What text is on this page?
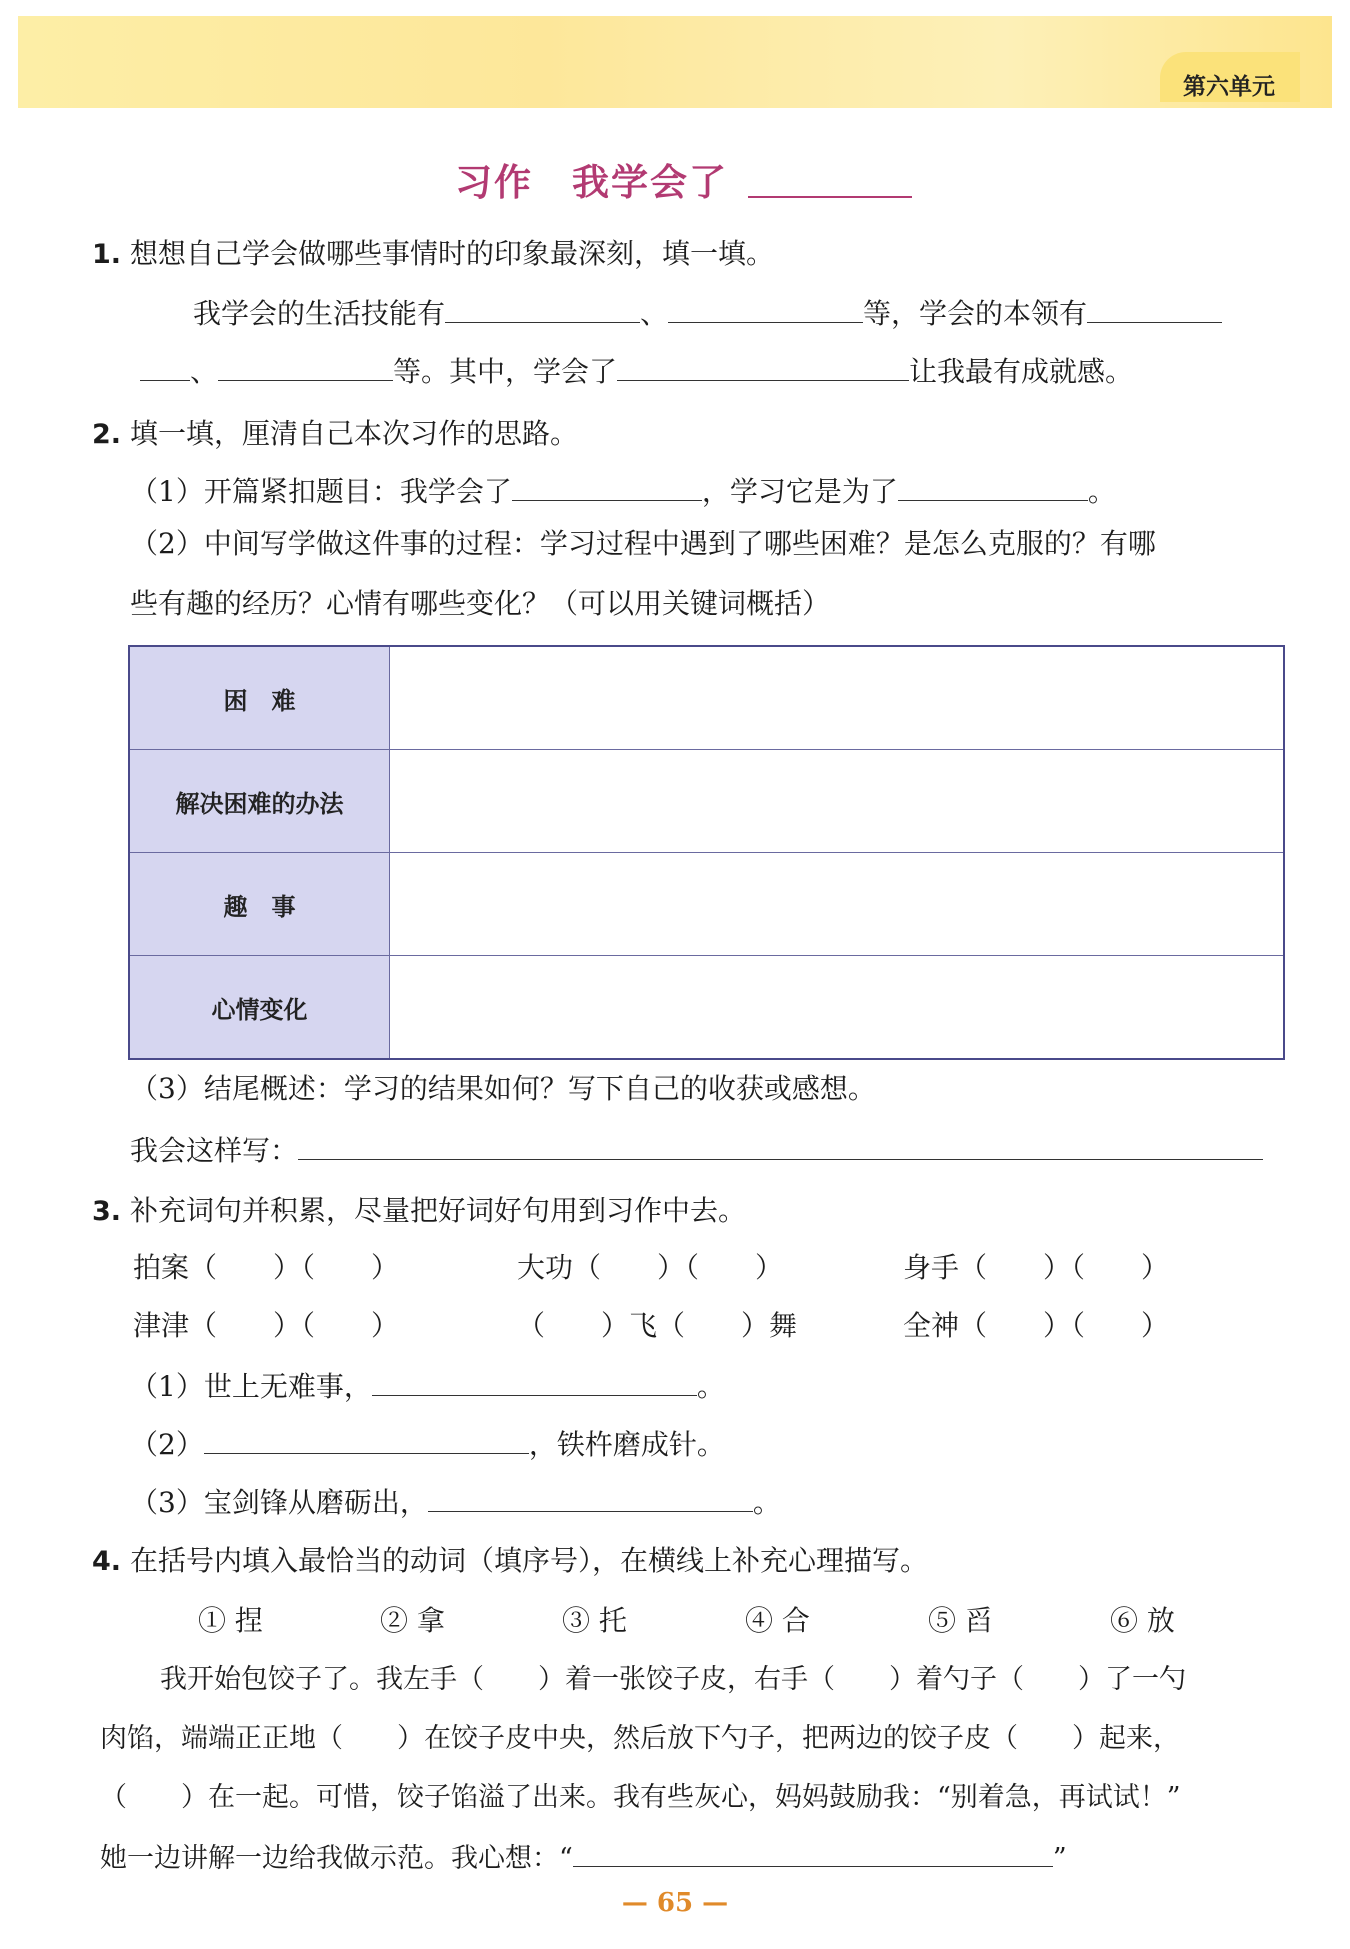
第六单元
习作　我学会了
1. 想想自己学会做哪些事情时的印象最深刻，填一填。
我学会的生活技能有	、	等，学会的本领有
、	等。其中，学会了	让我最有成就感。
2. 填一填，厘清自己本次习作的思路。
（1）开篇紧扣题目：我学会了	，学习它是为了	。
（2）中间写学做这件事的过程：学习过程中遇到了哪些困难？是怎么克服的？有哪
些有趣的经历？心情有哪些变化？（可以用关键词概括）
困　难	
解决困难的办法	
趣　事	
心情变化	
（3）结尾概述：学习的结果如何？写下自己的收获或感想。
我会这样写：
3. 补充词句并积累，尽量把好词好句用到习作中去。
拍案（　　）（　　）	大功（　　）（　　）	身手（　　）（　　）
津津（　　）（　　）	（　　）飞（　　）舞	全神（　　）（　　）
（1）世上无难事，	。
（2）	，铁杵磨成针。
（3）宝剑锋从磨砺出，	。
4. 在括号内填入最恰当的动词（填序号），在横线上补充心理描写。
① 捏	② 拿	③ 托	④ 合	⑤ 舀	⑥ 放
我开始包饺子了。我左手（　　）着一张饺子皮，右手（　　）着勺子（　　）了一勺
肉馅，端端正正地（　　）在饺子皮中央，然后放下勺子，把两边的饺子皮（　　）起来，
（　　）在一起。可惜，饺子馅溢了出来。我有些灰心，妈妈鼓励我：“别着急，再试试！”
她一边讲解一边给我做示范。我心想：“	”
— 65 —
